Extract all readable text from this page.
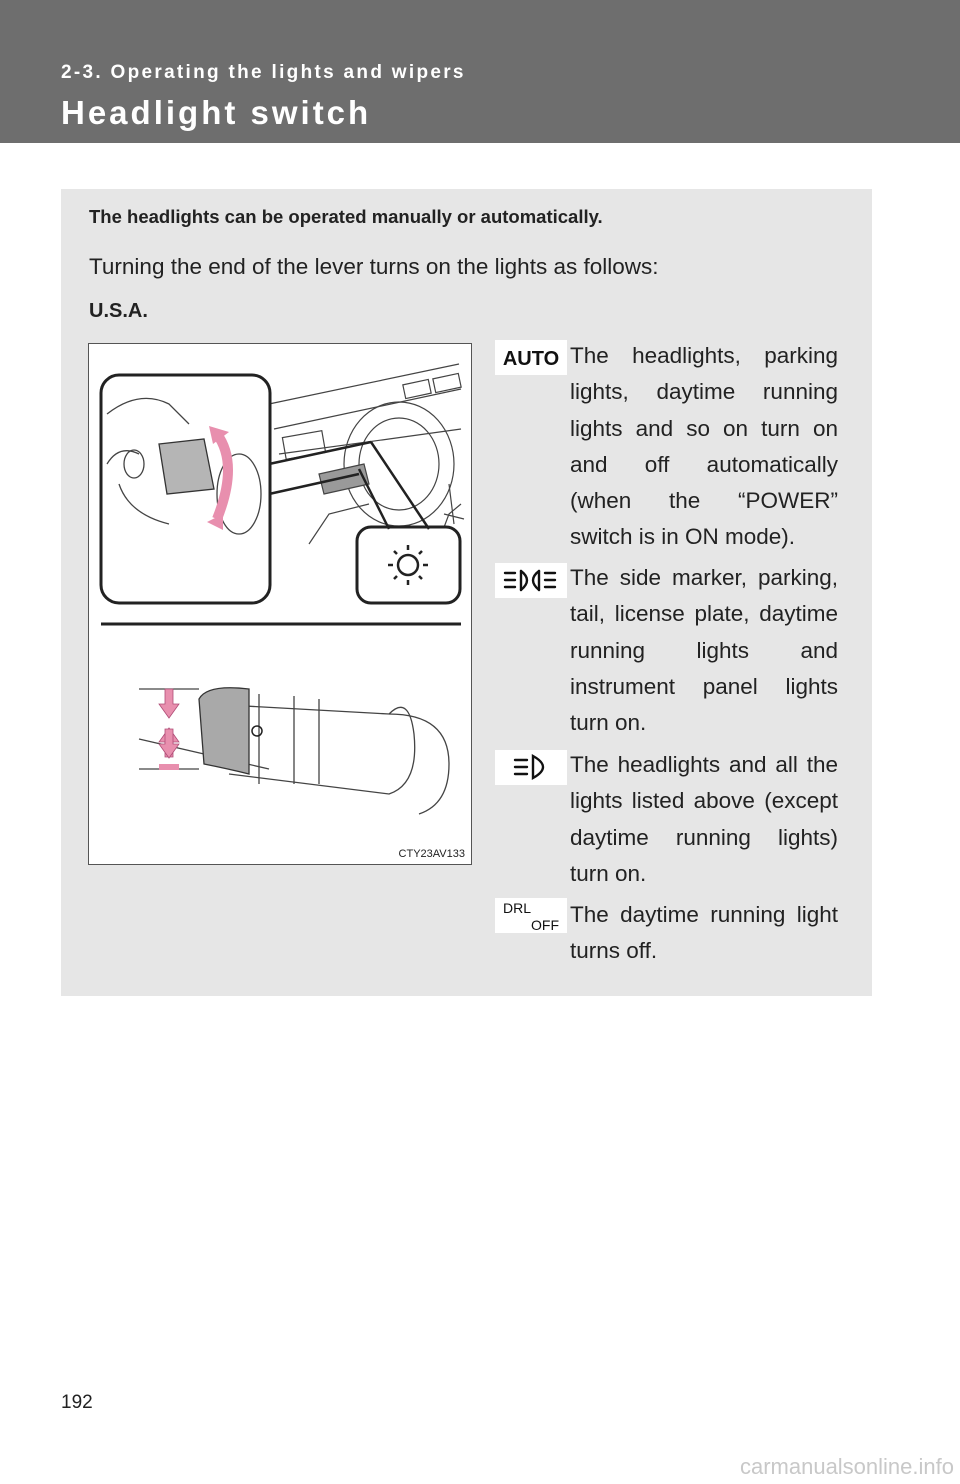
2-3. Operating the lights and wipers
Headlight switch
The headlights can be operated manually or automatically.
Turning the end of the lever turns on the lights as follows:
U.S.A.
CTY23AV133
AUTO The headlights, parking lights, daytime running lights and so on turn on and off automatically (when the “POWER” switch is in ON mode).
The side marker, parking, tail, license plate, daytime running lights and instrument panel lights turn on.
The headlights and all the lights listed above (except daytime running lights) turn on.
DRL
OFF The daytime running light turns off.
192
carmanualsonline.info
